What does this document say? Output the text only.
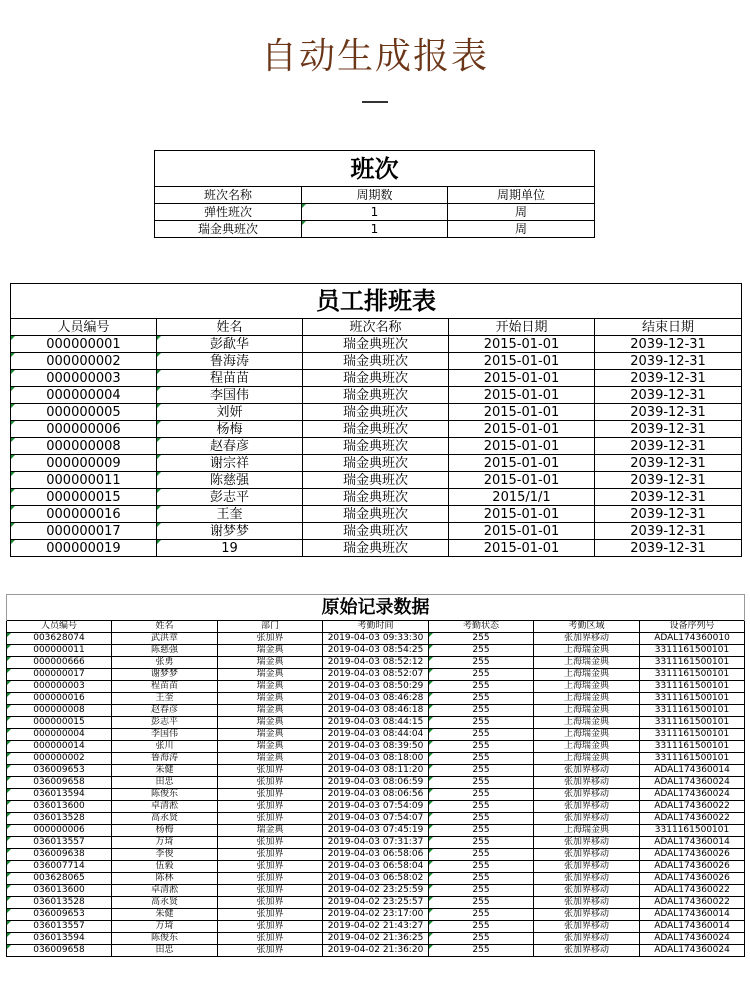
自动生成报表
班次		
班次名称	周期数	周期单位
弹性班次	1	周
瑞金典班次	1	周
员工排班表				
人员编号	姓名	班次名称	开始日期	结束日期
000000001	彭歃华	瑞金典班次	2015-01-01	2039-12-31
000000002	鲁海涛	瑞金典班次	2015-01-01	2039-12-31
000000003	程苗苗	瑞金典班次	2015-01-01	2039-12-31
000000004	李国伟	瑞金典班次	2015-01-01	2039-12-31
000000005	刘妍	瑞金典班次	2015-01-01	2039-12-31
000000006	杨梅	瑞金典班次	2015-01-01	2039-12-31
000000008	赵春彦	瑞金典班次	2015-01-01	2039-12-31
000000009	谢宗祥	瑞金典班次	2015-01-01	2039-12-31
000000011	陈慈强	瑞金典班次	2015-01-01	2039-12-31
000000015	彭志平	瑞金典班次	2015/1/1	2039-12-31
000000016	王奎	瑞金典班次	2015-01-01	2039-12-31
000000017	谢梦梦	瑞金典班次	2015-01-01	2039-12-31
000000019	19	瑞金典班次	2015-01-01	2039-12-31
原始记录数据						
人员编号	姓名	部门	考勤时间	考勤状态	考勤区域	设备序列号
003628074	武洪章	张加界	2019-04-03 09:33:30	255	张加界移动	ADAL174360010
000000011	陈慈强	瑞金典	2019-04-03 08:54:25	255	上海瑞金典	3311161500101
000000666	张勇	瑞金典	2019-04-03 08:52:12	255	上海瑞金典	3311161500101
000000017	谢梦梦	瑞金典	2019-04-03 08:52:07	255	上海瑞金典	3311161500101
000000003	程苗苗	瑞金典	2019-04-03 08:50:29	255	上海瑞金典	3311161500101
000000016	王奎	瑞金典	2019-04-03 08:46:28	255	上海瑞金典	3311161500101
000000008	赵春彦	瑞金典	2019-04-03 08:46:18	255	上海瑞金典	3311161500101
000000015	彭志平	瑞金典	2019-04-03 08:44:15	255	上海瑞金典	3311161500101
000000004	李国伟	瑞金典	2019-04-03 08:44:04	255	上海瑞金典	3311161500101
000000014	张川	瑞金典	2019-04-03 08:39:50	255	上海瑞金典	3311161500101
000000002	鲁海涛	瑞金典	2019-04-03 08:18:00	255	上海瑞金典	3311161500101
036009653	朱健	张加界	2019-04-03 08:11:20	255	张加界移动	ADAL174360014
036009658	田忠	张加界	2019-04-03 08:06:59	255	张加界移动	ADAL174360024
036013594	陈俊东	张加界	2019-04-03 08:06:56	255	张加界移动	ADAL174360024
036013600	卓清淞	张加界	2019-04-03 07:54:09	255	张加界移动	ADAL174360022
036013528	高永贤	张加界	2019-04-03 07:54:07	255	张加界移动	ADAL174360022
000000006	杨梅	瑞金典	2019-04-03 07:45:19	255	上海瑞金典	3311161500101
036013557	万琦	张加界	2019-04-03 07:31:37	255	张加界移动	ADAL174360014
036009638	李俊	张加界	2019-04-03 06:58:06	255	张加界移动	ADAL174360026
036007714	伍毅	张加界	2019-04-03 06:58:04	255	张加界移动	ADAL174360026
003628065	陈林	张加界	2019-04-03 06:58:02	255	张加界移动	ADAL174360026
036013600	卓清淞	张加界	2019-04-02 23:25:59	255	张加界移动	ADAL174360022
036013528	高永贤	张加界	2019-04-02 23:25:57	255	张加界移动	ADAL174360022
036009653	朱健	张加界	2019-04-02 23:17:00	255	张加界移动	ADAL174360014
036013557	万琦	张加界	2019-04-02 21:43:27	255	张加界移动	ADAL174360014
036013594	陈俊东	张加界	2019-04-02 21:36:25	255	张加界移动	ADAL174360024
036009658	田忠	张加界	2019-04-02 21:36:20	255	张加界移动	ADAL174360024
